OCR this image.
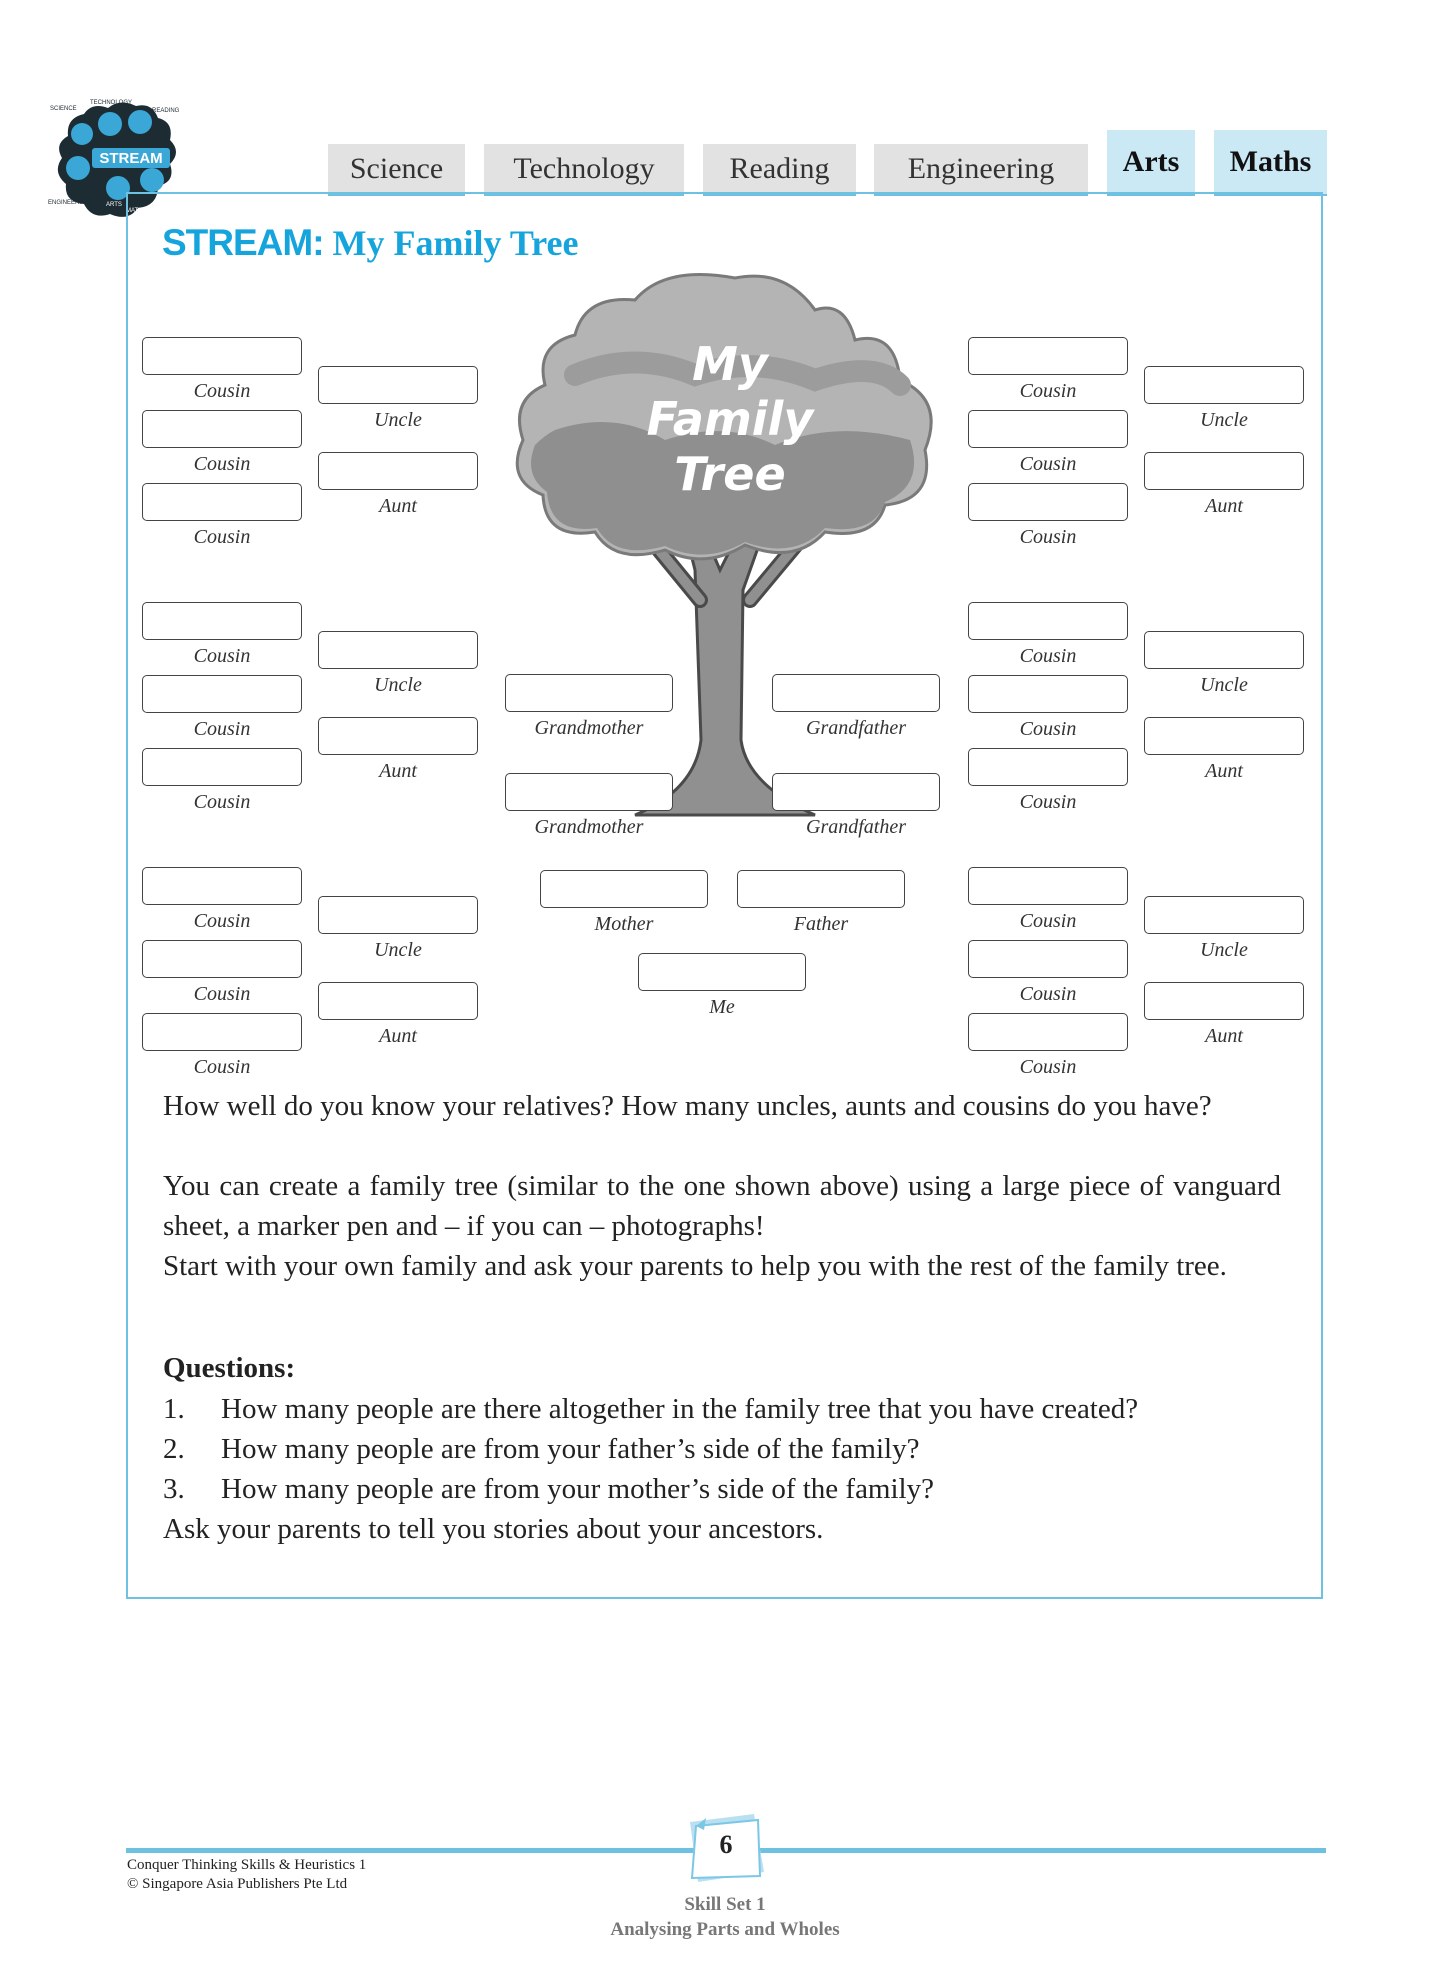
STREAM
SCIENCE
TECHNOLOGY
READING
ENGINEERING	ARTS
MATHEMATICS
Science	Technology	Reading	Engineering	Arts	Maths
STREAM: My Family Tree
My
Family
Tree
Cousin
Cousin
Cousin
Uncle
Aunt
Cousin
Cousin
Cousin
Uncle
Aunt
Cousin
Cousin
Cousin
Uncle
Aunt
Cousin
Cousin
Cousin
Uncle
Aunt
Cousin
Cousin
Cousin
Uncle
Aunt
Cousin
Cousin
Cousin
Uncle
Aunt
Grandmother	Grandfather
Grandmother	Grandfather
Mother	Father
Me
How well do you know your relatives? How many uncles, aunts and cousins do you have?
You can create a family tree (similar to the one shown above) using a large piece of vanguard sheet, a marker pen and – if you can – photographs!
Start with your own family and ask your parents to help you with the rest of the family tree.
Questions:
1. How many people are there altogether in the family tree that you have created?
2. How many people are from your father’s side of the family?
3. How many people are from your mother’s side of the family?
Ask your parents to tell you stories about your ancestors.
Conquer Thinking Skills & Heuristics 1
© Singapore Asia Publishers Pte Ltd
6
Skill Set 1
Analysing Parts and Wholes
